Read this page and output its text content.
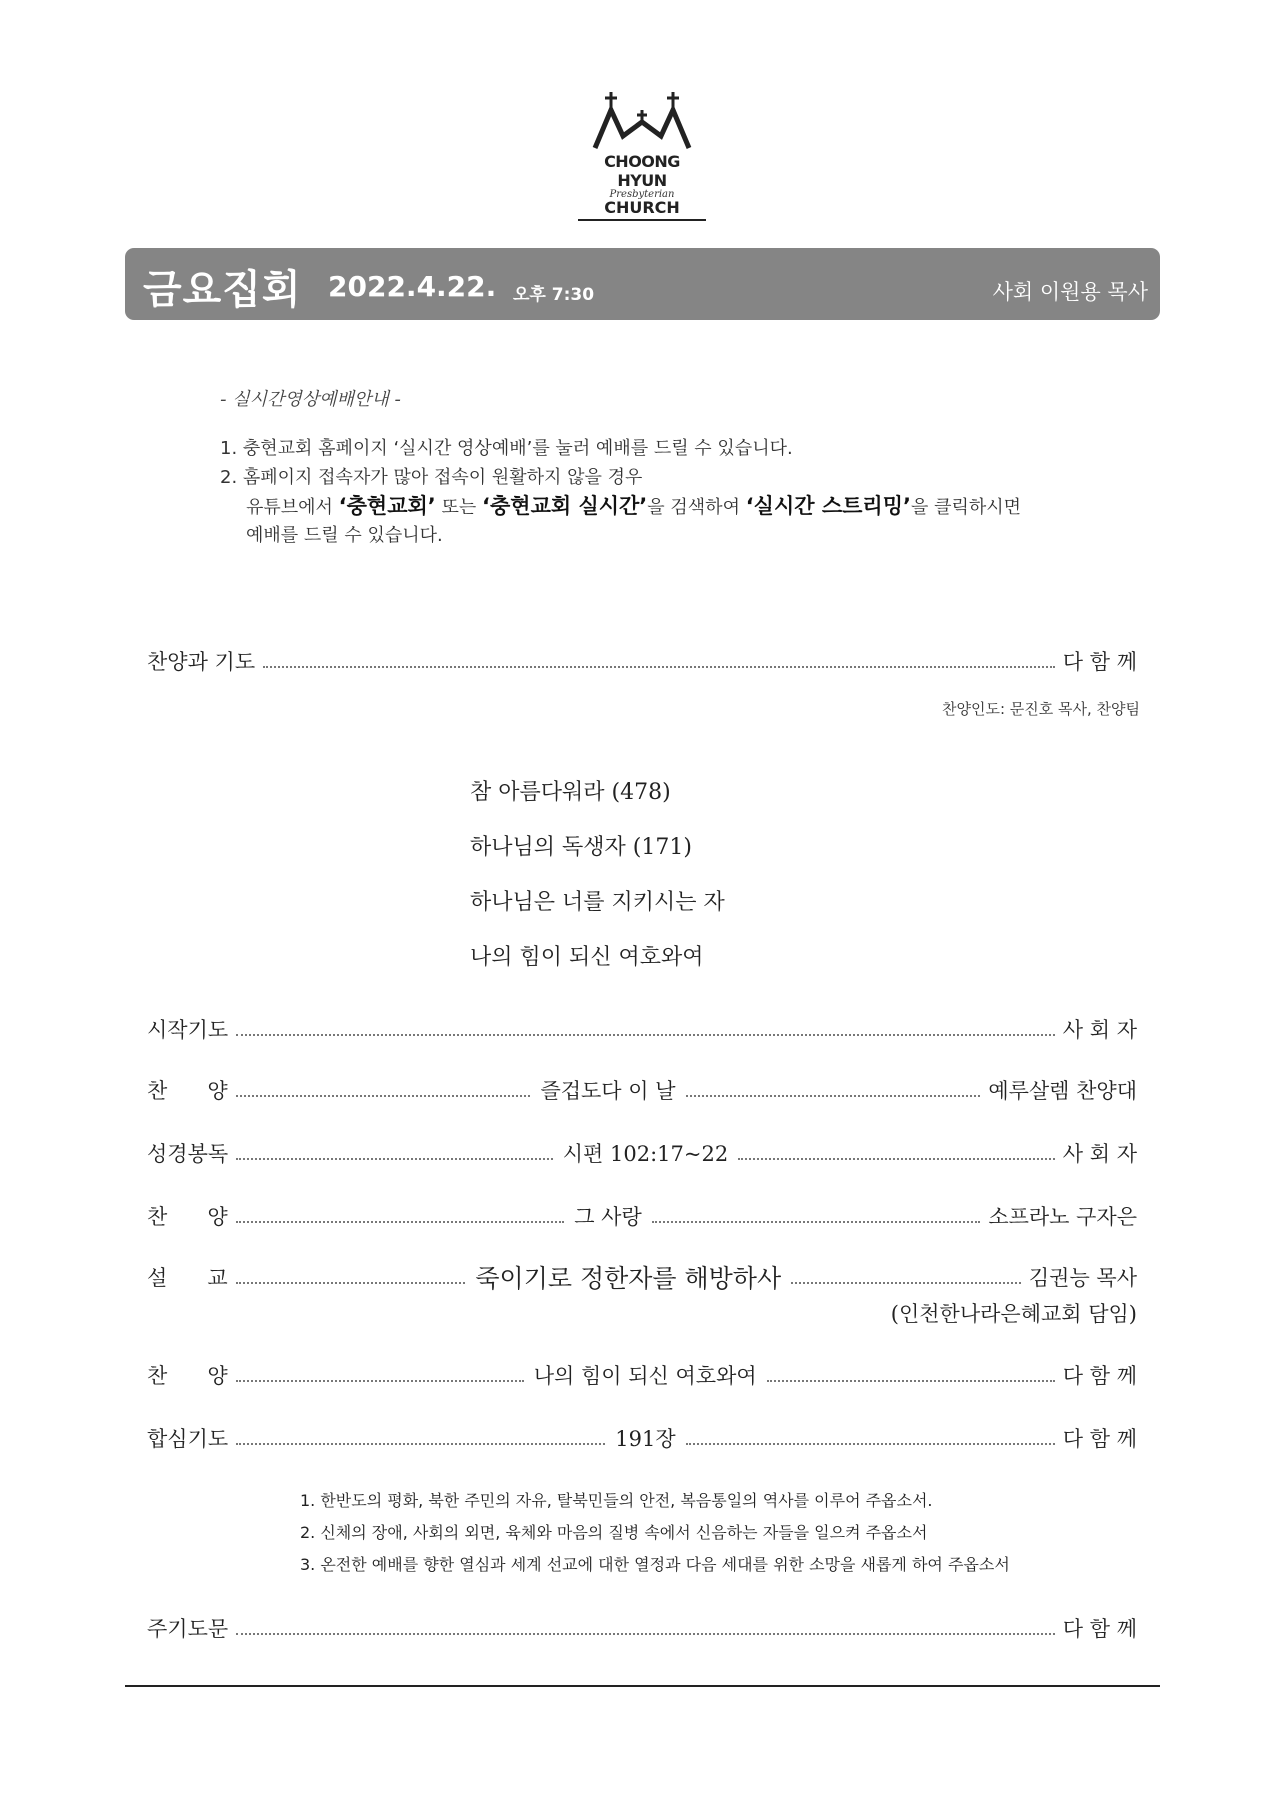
CHOONG HYUN
Presbyterian
CHURCH
금요집회 2022.4.22. 오후 7:30	사회 이원용 목사
- 실시간영상예배안내 -
1. 충현교회 홈페이지 ‘실시간 영상예배’를 눌러 예배를 드릴 수 있습니다.
2. 홈페이지 접속자가 많아 접속이 원활하지 않을 경우
유튜브에서 ‘충현교회’ 또는 ‘충현교회 실시간’을 검색하여 ‘실시간 스트리밍’을 클릭하시면
예배를 드릴 수 있습니다.
찬양과 기도	다 함 께
찬양인도: 문진호 목사, 찬양팀
참 아름다워라 (478)
하나님의 독생자 (171)
하나님은 너를 지키시는 자
나의 힘이 되신 여호와여
시작기도	사 회 자
찬      양	즐겁도다 이 날	예루살렘 찬양대
성경봉독	시편 102:17~22	사 회 자
찬      양	그 사랑	소프라노 구자은
설      교	죽이기로 정한자를 해방하사	김권능 목사
(인천한나라은혜교회 담임)
찬      양	나의 힘이 되신 여호와여	다 함 께
합심기도	191장	다 함 께
1. 한반도의 평화, 북한 주민의 자유, 탈북민들의 안전, 복음통일의 역사를 이루어 주옵소서.
2. 신체의 장애, 사회의 외면, 육체와 마음의 질병 속에서 신음하는 자들을 일으켜 주옵소서
3. 온전한 예배를 향한 열심과 세계 선교에 대한 열정과 다음 세대를 위한 소망을 새롭게 하여 주옵소서
주기도문	다 함 께
